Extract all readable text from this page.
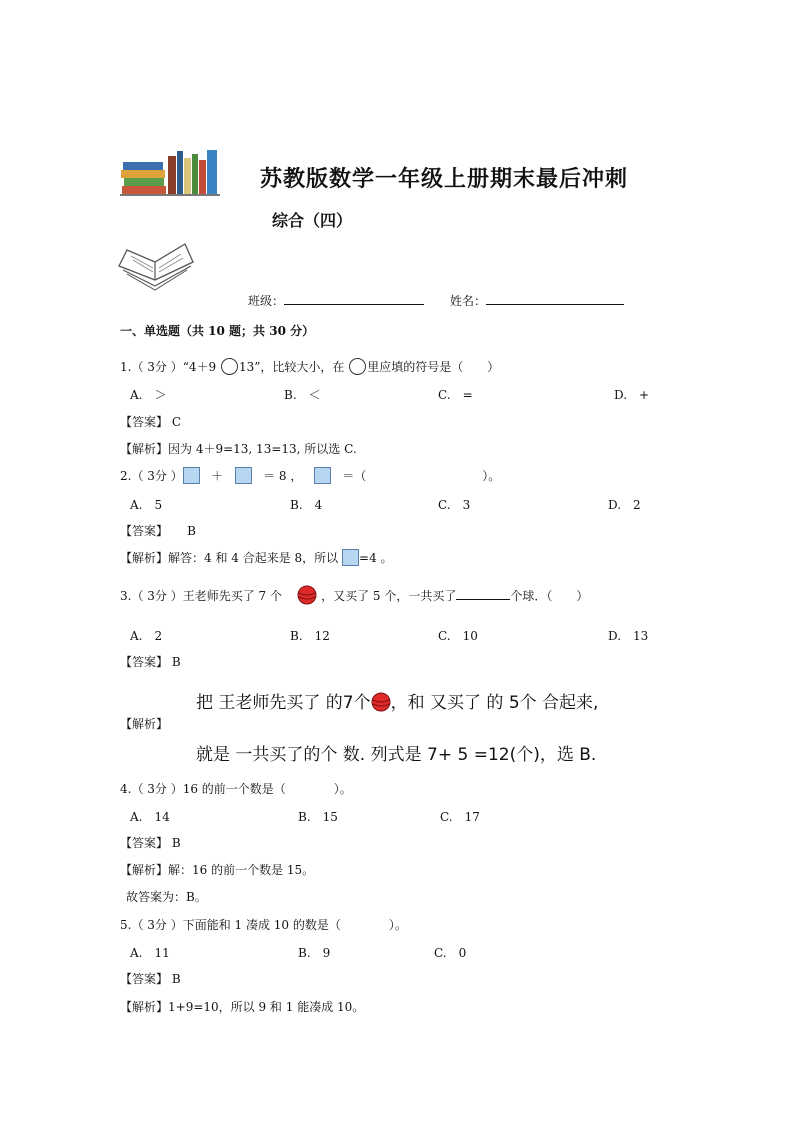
苏教版数学一年级上册期末最后冲刺
综合（四）
班级：	姓名：
一、单选题（共 10 题；共 30 分）
1.（ 3分 ）“4＋9 13”，比较大小，在 里应填的符号是（　　）
A.　＞	B.　＜	C.　=	D.　+
【答案】 C
【解析】因为 4＋9=13, 13=13, 所以选 C.
2.（ 3分 ） ＋	＝ 8 ，	＝（	）。
A.　5	B.　4	C.　3	D.　2
【答案】 B
【解析】解答：4 和 4 合起来是 8，所以 =4 。
3.（ 3分 ）王老师先买了 7 个	，又买了 5 个，一共买了	个球．（　　）
A.　2	B.　12	C.　10	D.　13
【答案】 B
把 王老师先买了 的7个 ，和 又买了 的 5个 合起来,
【解析】
就是 一共买了的个 数. 列式是 7+ 5 =12(个)，选 B.
4.（ 3分 ）16 的前一个数是（　　　　）。
A.　14	B.　15	C.　17
【答案】 B
【解析】解：16 的前一个数是 15。
故答案为：B。
5.（ 3分 ）下面能和 1 凑成 10 的数是（　　　　）。
A.　11	B.　9	C.　0
【答案】 B
【解析】1+9=10，所以 9 和 1 能凑成 10。
